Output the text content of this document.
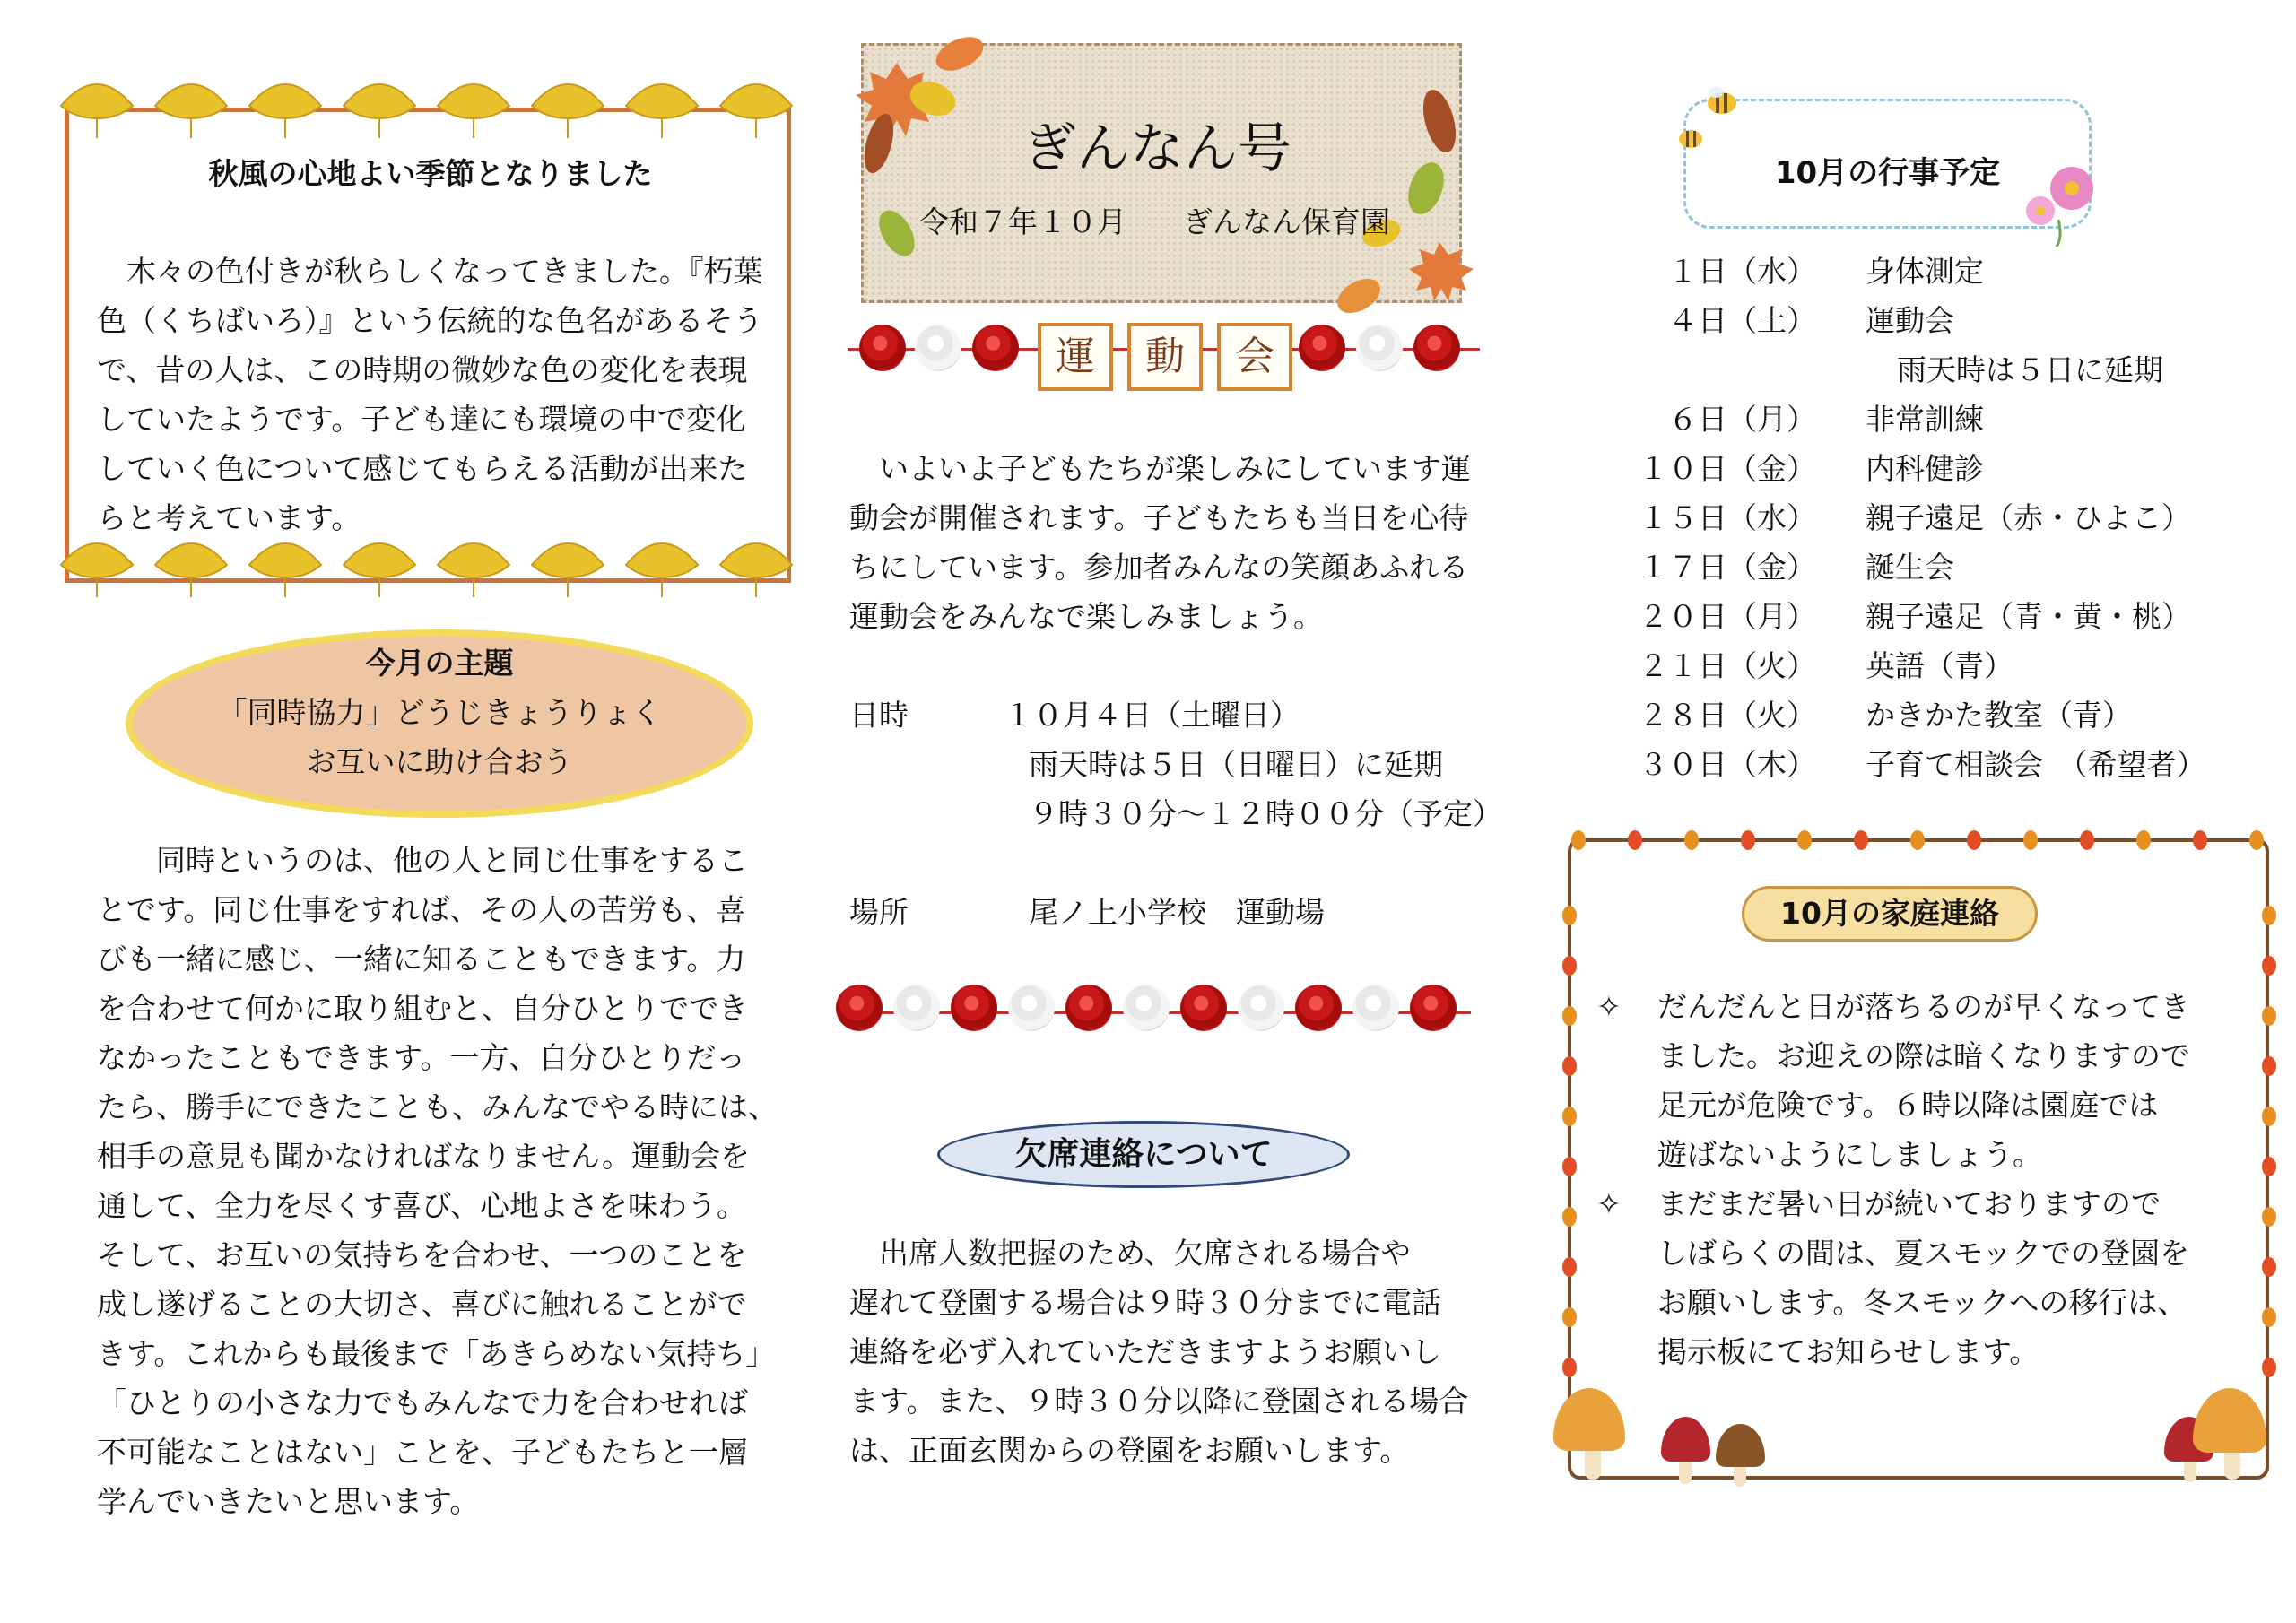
秋風の心地よい季節となりました
　木々の色付きが秋らしくなってきました。『朽葉
色（くちばいろ）』という伝統的な色名があるそう
で、昔の人は、この時期の微妙な色の変化を表現
していたようです。子ども達にも環境の中で変化
していく色について感じてもらえる活動が出来た
らと考えています。
今月の主題
「同時協力」どうじきょうりょく
お互いに助け合おう
　　同時というのは、他の人と同じ仕事をするこ
とです。同じ仕事をすれば、その人の苦労も、喜
びも一緒に感じ、一緒に知ることもできます。力
を合わせて何かに取り組むと、自分ひとりででき
なかったこともできます。一方、自分ひとりだっ
たら、勝手にできたことも、みんなでやる時には、
相手の意見も聞かなければなりません。運動会を
通して、全力を尽くす喜び、心地よさを味わう。
そして、お互いの気持ちを合わせ、一つのことを
成し遂げることの大切さ、喜びに触れることがで
きす。これからも最後まで「あきらめない気持ち」
「ひとりの小さな力でもみんなで力を合わせれば
不可能なことはない」ことを、子どもたちと一層
学んでいきたいと思います。
ぎんなん号
令和７年１０月 ぎんなん保育園
運	動	会
　いよいよ子どもたちが楽しみにしています運
動会が開催されます。子どもたちも当日を心待
ちにしています。参加者みんなの笑顔あふれる
運動会をみんなで楽しみましょう。
日時	１０月４日（土曜日）
雨天時は５日（日曜日）に延期
９時３０分～１２時００分（予定）
場所	尾ノ上小学校　運動場
欠席連絡について
　出席人数把握のため、欠席される場合や
遅れて登園する場合は９時３０分までに電話
連絡を必ず入れていただきますようお願いし
ます。また、９時３０分以降に登園される場合
は、正面玄関からの登園をお願いします。
10月の行事予定
１日（水） 身体測定
４日（土） 運動会
雨天時は５日に延期
６日（月） 非常訓練
１０日（金） 内科健診
１５日（水） 親子遠足（赤・ひよこ）
１７日（金） 誕生会
２０日（月） 親子遠足（青・黄・桃）
２１日（火） 英語（青）
２８日（火） かきかた教室（青）
３０日（木） 子育て相談会　（希望者）
10月の家庭連絡
✧ だんだんと日が落ちるのが早くなってき
ました。お迎えの際は暗くなりますので
足元が危険です。６時以降は園庭では
遊ばないようにしましょう。
✧ まだまだ暑い日が続いておりますので
しばらくの間は、夏スモックでの登園を
お願いします。冬スモックへの移行は、
掲示板にてお知らせします。
